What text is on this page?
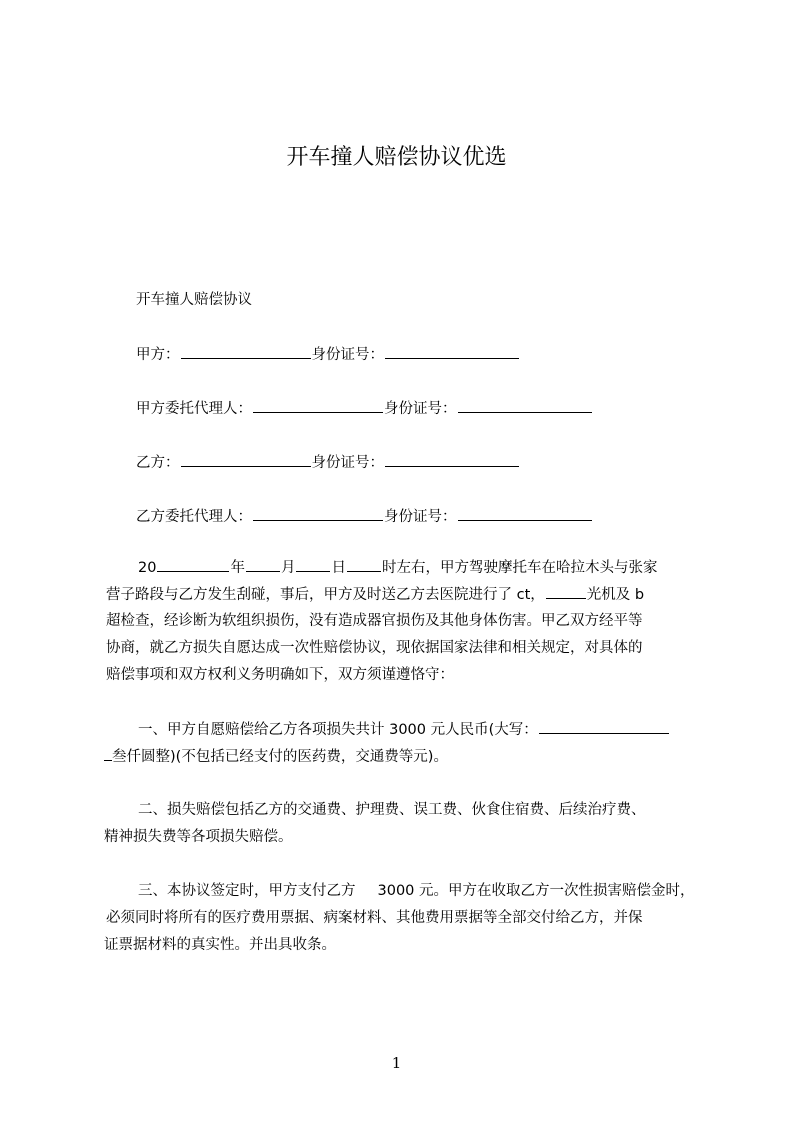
开车撞人赔偿协议优选
开车撞人赔偿协议
甲方：	身份证号：
甲方委托代理人：	身份证号：
乙方：	身份证号：
乙方委托代理人：	身份证号：
20	年 月 日 时左右，甲方驾驶摩托车在哈拉木头与张家
营子路段与乙方发生刮碰，事后，甲方及时送乙方去医院进行了 ct，	光机及 b
超检查，经诊断为软组织损伤，没有造成器官损伤及其他身体伤害。甲乙双方经平等
协商，就乙方损失自愿达成一次性赔偿协议，现依据国家法律和相关规定，对具体的
赔偿事项和双方权利义务明确如下，双方须谨遵恪守：
一、甲方自愿赔偿给乙方各项损失共计 3000 元人民币(大写：
叁仟圆整)(不包括已经支付的医药费，交通费等元)。
二、损失赔偿包括乙方的交通费、护理费、误工费、伙食住宿费、后续治疗费、
精神损失费等各项损失赔偿。
三、本协议签定时，甲方支付乙方 3000 元。甲方在收取乙方一次性损害赔偿金时，
必须同时将所有的医疗费用票据、病案材料、其他费用票据等全部交付给乙方，并保
证票据材料的真实性。并出具收条。
1
